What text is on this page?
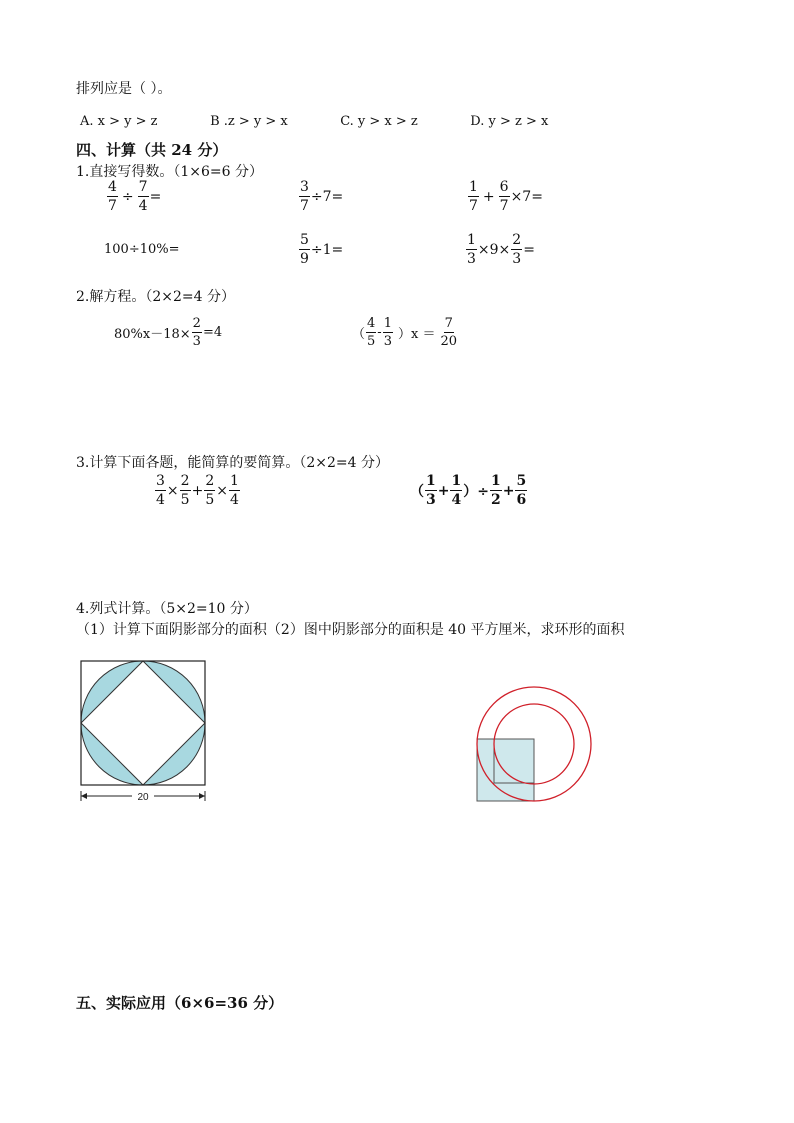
排列应是（ ）。
A. x > y > z	B .z > y > x	C. y > x > z	D. y > z > x
四、计算（共 24 分）
1.直接写得数。（1×6=6 分）
$\frac{4}{7} \div \frac{7}{4}$ =	$\frac{3}{7} \div 7=$	$\frac{1}{7} + \frac{6}{7} \times 7=$
100÷10%=	$\frac{5}{9} \div 1=$	$\frac{1}{3} \times 9\times \frac{2}{3}$ =
2.解方程。（2×2=4 分）
$80\%x-18\times \frac{2}{3} =4$	（ $\frac{4}{5} - \frac{1}{3} )x = \frac{7}{20}$
3.计算下面各题，能简算的要简算。（2×2=4 分）
$\frac{3}{4} \times \frac{2}{5} + \frac{2}{5} \times \frac{1}{4}$	（ $\frac{1}{3} + \frac{1}{4}$ ）÷ $\frac{1}{2} + \frac{5}{6}$
4.列式计算。（5×2=10 分）
（1）计算下面阴影部分的面积（2）图中阴影部分的面积是 40 平方厘米，求环形的面积
20
五、实际应用（6×6=36 分）
